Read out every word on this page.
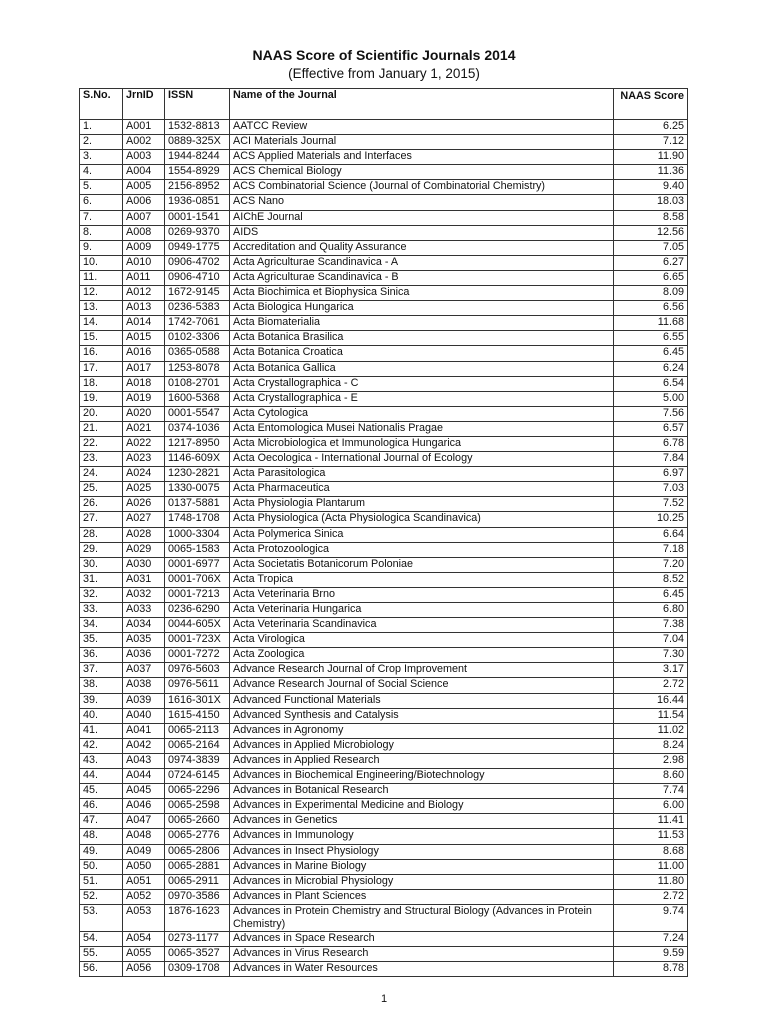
NAAS Score of Scientific Journals 2014
(Effective from January 1, 2015)
S.No.	JrnID	ISSN	Name of the Journal	NAAS Score
1.	A001	1532-8813	AATCC Review	6.25
2.	A002	0889-325X	ACI Materials Journal	7.12
3.	A003	1944-8244	ACS Applied Materials and Interfaces	11.90
4.	A004	1554-8929	ACS Chemical Biology	11.36
5.	A005	2156-8952	ACS Combinatorial Science (Journal of Combinatorial Chemistry)	9.40
6.	A006	1936-0851	ACS Nano	18.03
7.	A007	0001-1541	AIChE Journal	8.58
8.	A008	0269-9370	AIDS	12.56
9.	A009	0949-1775	Accreditation and Quality Assurance	7.05
10.	A010	0906-4702	Acta Agriculturae Scandinavica - A	6.27
11.	A011	0906-4710	Acta Agriculturae Scandinavica - B	6.65
12.	A012	1672-9145	Acta Biochimica et Biophysica Sinica	8.09
13.	A013	0236-5383	Acta Biologica Hungarica	6.56
14.	A014	1742-7061	Acta Biomaterialia	11.68
15.	A015	0102-3306	Acta Botanica Brasilica	6.55
16.	A016	0365-0588	Acta Botanica Croatica	6.45
17.	A017	1253-8078	Acta Botanica Gallica	6.24
18.	A018	0108-2701	Acta Crystallographica - C	6.54
19.	A019	1600-5368	Acta Crystallographica - E	5.00
20.	A020	0001-5547	Acta Cytologica	7.56
21.	A021	0374-1036	Acta Entomologica Musei Nationalis Pragae	6.57
22.	A022	1217-8950	Acta Microbiologica et Immunologica Hungarica	6.78
23.	A023	1146-609X	Acta Oecologica - International Journal of Ecology	7.84
24.	A024	1230-2821	Acta Parasitologica	6.97
25.	A025	1330-0075	Acta Pharmaceutica	7.03
26.	A026	0137-5881	Acta Physiologia Plantarum	7.52
27.	A027	1748-1708	Acta Physiologica (Acta Physiologica Scandinavica)	10.25
28.	A028	1000-3304	Acta Polymerica Sinica	6.64
29.	A029	0065-1583	Acta Protozoologica	7.18
30.	A030	0001-6977	Acta Societatis Botanicorum Poloniae	7.20
31.	A031	0001-706X	Acta Tropica	8.52
32.	A032	0001-7213	Acta Veterinaria Brno	6.45
33.	A033	0236-6290	Acta Veterinaria Hungarica	6.80
34.	A034	0044-605X	Acta Veterinaria Scandinavica	7.38
35.	A035	0001-723X	Acta Virologica	7.04
36.	A036	0001-7272	Acta Zoologica	7.30
37.	A037	0976-5603	Advance Research Journal of Crop Improvement	3.17
38.	A038	0976-5611	Advance Research Journal of Social Science	2.72
39.	A039	1616-301X	Advanced Functional Materials	16.44
40.	A040	1615-4150	Advanced Synthesis and Catalysis	11.54
41.	A041	0065-2113	Advances in Agronomy	11.02
42.	A042	0065-2164	Advances in Applied Microbiology	8.24
43.	A043	0974-3839	Advances in Applied Research	2.98
44.	A044	0724-6145	Advances in Biochemical Engineering/Biotechnology	8.60
45.	A045	0065-2296	Advances in Botanical Research	7.74
46.	A046	0065-2598	Advances in Experimental Medicine and Biology	6.00
47.	A047	0065-2660	Advances in Genetics	11.41
48.	A048	0065-2776	Advances in Immunology	11.53
49.	A049	0065-2806	Advances in Insect Physiology	8.68
50.	A050	0065-2881	Advances in Marine Biology	11.00
51.	A051	0065-2911	Advances in Microbial Physiology	11.80
52.	A052	0970-3586	Advances in Plant Sciences	2.72
53.	A053	1876-1623	Advances in Protein Chemistry and Structural Biology (Advances in Protein Chemistry)	9.74
54.	A054	0273-1177	Advances in Space Research	7.24
55.	A055	0065-3527	Advances in Virus Research	9.59
56.	A056	0309-1708	Advances in Water Resources	8.78
1
